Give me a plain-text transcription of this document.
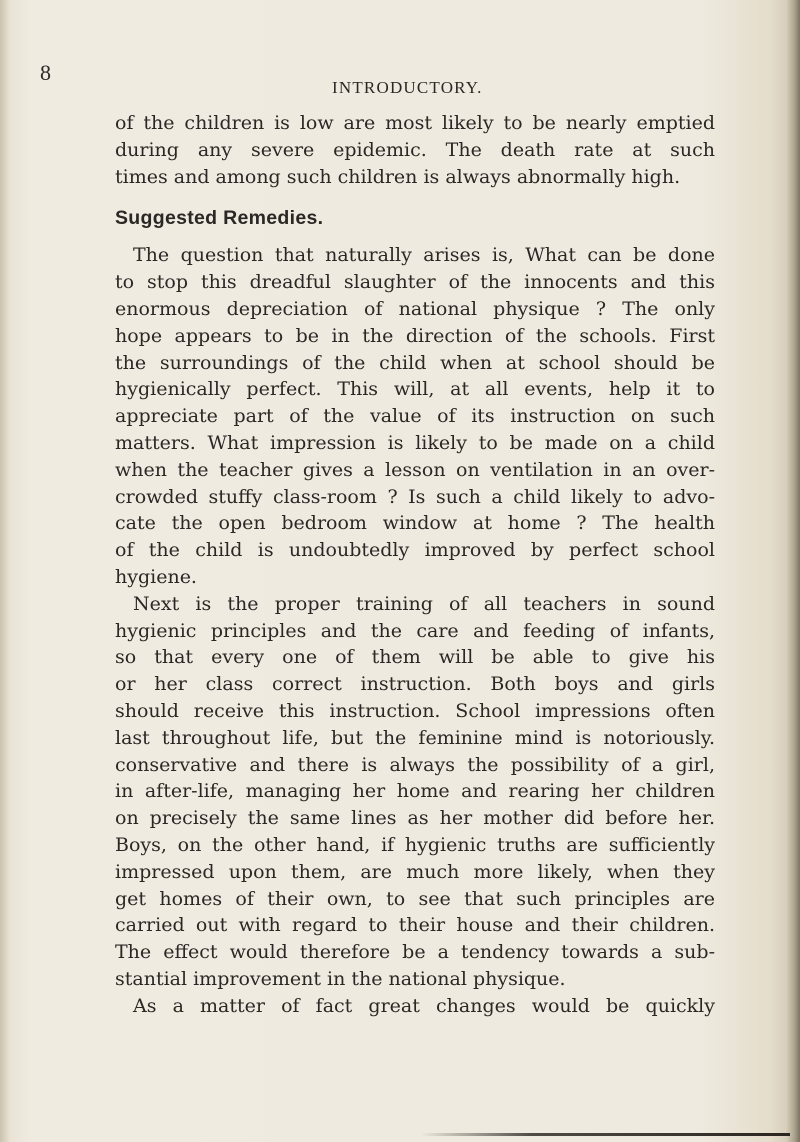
8
INTRODUCTORY.
of the children is low are most likely to be nearly emptied
during any severe epidemic. The death rate at such
times and among such children is always abnormally high.
Suggested Remedies.
The question that naturally arises is, What can be done
to stop this dreadful slaughter of the innocents and this
enormous depreciation of national physique ? The only
hope appears to be in the direction of the schools. First
the surroundings of the child when at school should be
hygienically perfect. This will, at all events, help it to
appreciate part of the value of its instruction on such
matters. What impression is likely to be made on a child
when the teacher gives a lesson on ventilation in an over-
crowded stuffy class-room ? Is such a child likely to advo-
cate the open bedroom window at home ? The health
of the child is undoubtedly improved by perfect school
hygiene.
Next is the proper training of all teachers in sound
hygienic principles and the care and feeding of infants,
so that every one of them will be able to give his
or her class correct instruction. Both boys and girls
should receive this instruction. School impressions often
last throughout life, but the feminine mind is notoriously.
conservative and there is always the possibility of a girl,
in after-life, managing her home and rearing her children
on precisely the same lines as her mother did before her.
Boys, on the other hand, if hygienic truths are sufficiently
impressed upon them, are much more likely, when they
get homes of their own, to see that such principles are
carried out with regard to their house and their children.
The effect would therefore be a tendency towards a sub-
stantial improvement in the national physique.
As a matter of fact great changes would be quickly
